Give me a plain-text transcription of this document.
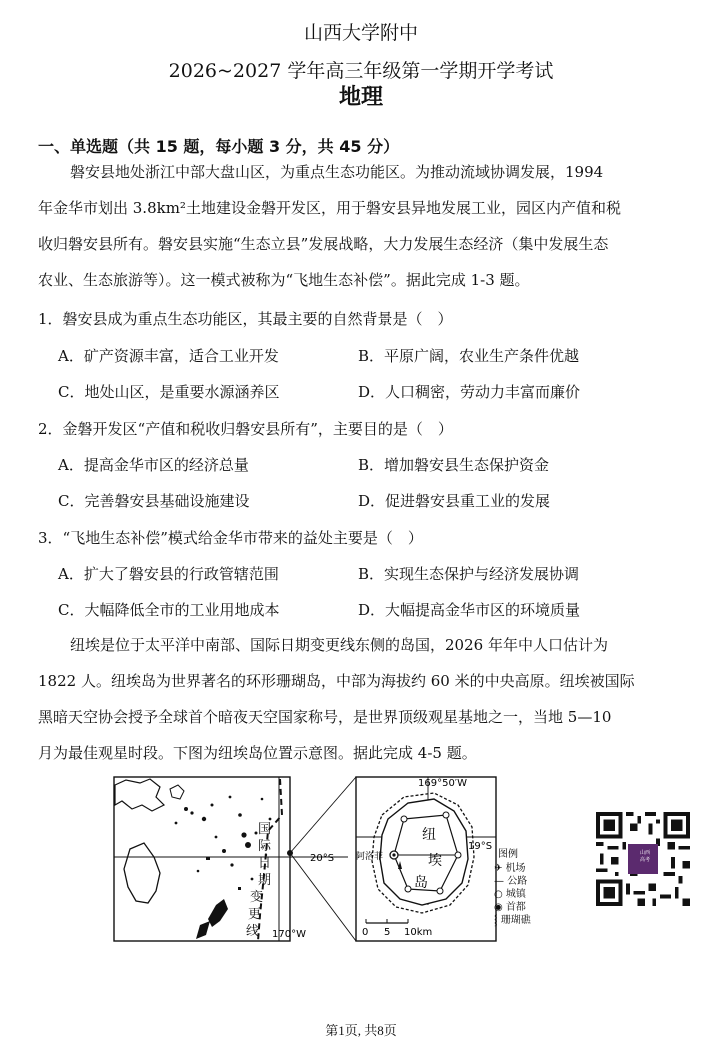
山西大学附中
2026~2027 学年高三年级第一学期开学考试
地理
一、单选题（共 15 题，每小题 3 分，共 45 分）
磐安县地处浙江中部大盘山区，为重点生态功能区。为推动流域协调发展，1994
年金华市划出 3.8km²土地建设金磐开发区，用于磐安县异地发展工业，园区内产值和税
收归磐安县所有。磐安县实施“生态立县”发展战略，大力发展生态经济（集中发展生态
农业、生态旅游等）。这一模式被称为“飞地生态补偿”。据此完成 1-3 题。
1．磐安县成为重点生态功能区，其最主要的自然背景是（　）
A．矿产资源丰富，适合工业开发	B．平原广阔，农业生产条件优越
C．地处山区，是重要水源涵养区	D．人口稠密，劳动力丰富而廉价
2．金磐开发区“产值和税收归磐安县所有”，主要目的是（　）
A．提高金华市区的经济总量	B．增加磐安县生态保护资金
C．完善磐安县基础设施建设	D．促进磐安县重工业的发展
3．“飞地生态补偿”模式给金华市带来的益处主要是（　）
A．扩大了磐安县的行政管辖范围	B．实现生态保护与经济发展协调
C．大幅降低全市的工业用地成本	D．大幅提高金华市区的环境质量
纽埃是位于太平洋中南部、国际日期变更线东侧的岛国，2026 年年中人口估计为
1822 人。纽埃岛为世界著名的环形珊瑚岛，中部为海拔约 60 米的中央高原。纽埃被国际
黑暗天空协会授予全球首个暗夜天空国家称号，是世界顶级观星基地之一，当地 5—10
月为最佳观星时段。下图为纽埃岛位置示意图。据此完成 4-5 题。
国
际
日
期
变
更
线
20°S
170°W
169°50′W
19°S
阿洛菲
纽
埃
岛
0 5 10km
图例
✈ 机场
— 公路
○ 城镇
◉ 首都
⸾ 珊瑚礁
山西
高考
第1页, 共8页
